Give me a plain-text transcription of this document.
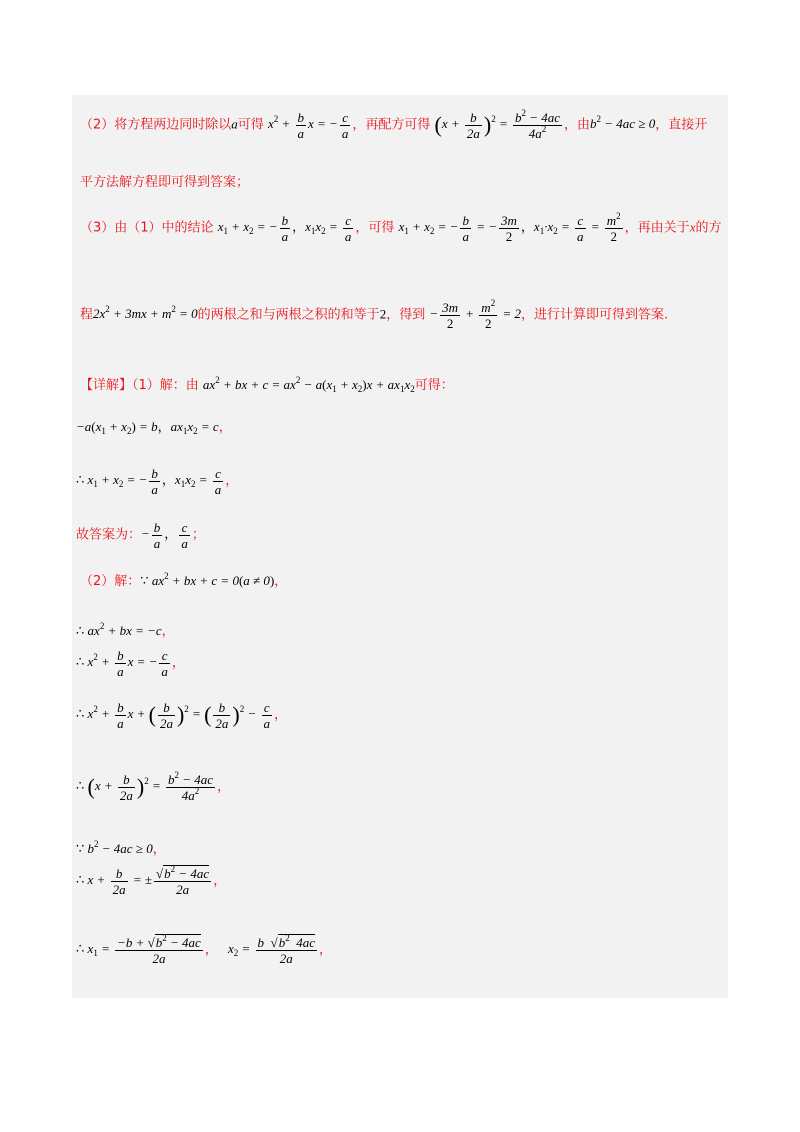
（2）将方程两边同时除以a可得 $x^2 + \frac{b}{a}$ x = − $\frac{c}{a}$ ，再配方可得 $(x + \frac{b}{2a} )^2 = \frac{b^2 - 4ac}{4a^2}$ ，由$b^2 - 4ac \ge 0$，直接开
平方法解方程即可得到答案；
（3）由（1）中的结论 $x_1 + x_2$ = − $\frac{b}{a}$ ，$x_1x_2 = \frac{c}{a}$ ，可得 $x_1 + x_2$ = − $\frac{b}{a}$ = − $\frac{3m}{2}$ ，$x_1\cdot x_2 = \frac{c}{a} = \frac{m^2}{2}$ ，再由关于x的方
程$2x^2 + 3mx + m^2 = 0$的两根之和与两根之积的和等于2，得到 − $\frac{3m}{2} + \frac{m^2}{2} = 2$，进行计算即可得到答案.
【详解】（1）解：由 $ax^2$ + bx + $c = ax^2 - a(x_1 + x_2)x + ax_1x_2$可得：
$-a(x_1 + x_2) = b$，$ax_1x_2 = c$，
∴ $x_1 + x_2$ = − $\frac{b}{a}$ ，$x_1x_2 = \frac{c}{a}$ ，
故答案为：− $\frac{b}{a}$ ， $\frac{c}{a}$ ；
（2）解：∵ $ax^2$ + bx + c = 0(a ≠ 0)，
∴ $ax^2$ + bx = −c，
∴ $x^2 + \frac{b}{a}$ x = − $\frac{c}{a}$ ，
∴ $x^2 + \frac{b}{a}$ x + ( $\frac{b}{2a} )^2$ = ( $\frac{b}{2a} )^2 - \frac{c}{a}$ ，
∴ $(x + \frac{b}{2a} )^2 = \frac{b^2 - 4ac}{4a^2}$ ，
∵ $b^2 - 4ac \ge 0$，
∴ $x + \frac{b}{2a}$ = ± $\frac{√b^2 - 4ac}{2a}$ ，
∴ $x_1 = \frac{-b + √b^2 - 4ac}{2a}$ ， $x_2 = \frac{b √b^2 4ac}{2a}$ ，
